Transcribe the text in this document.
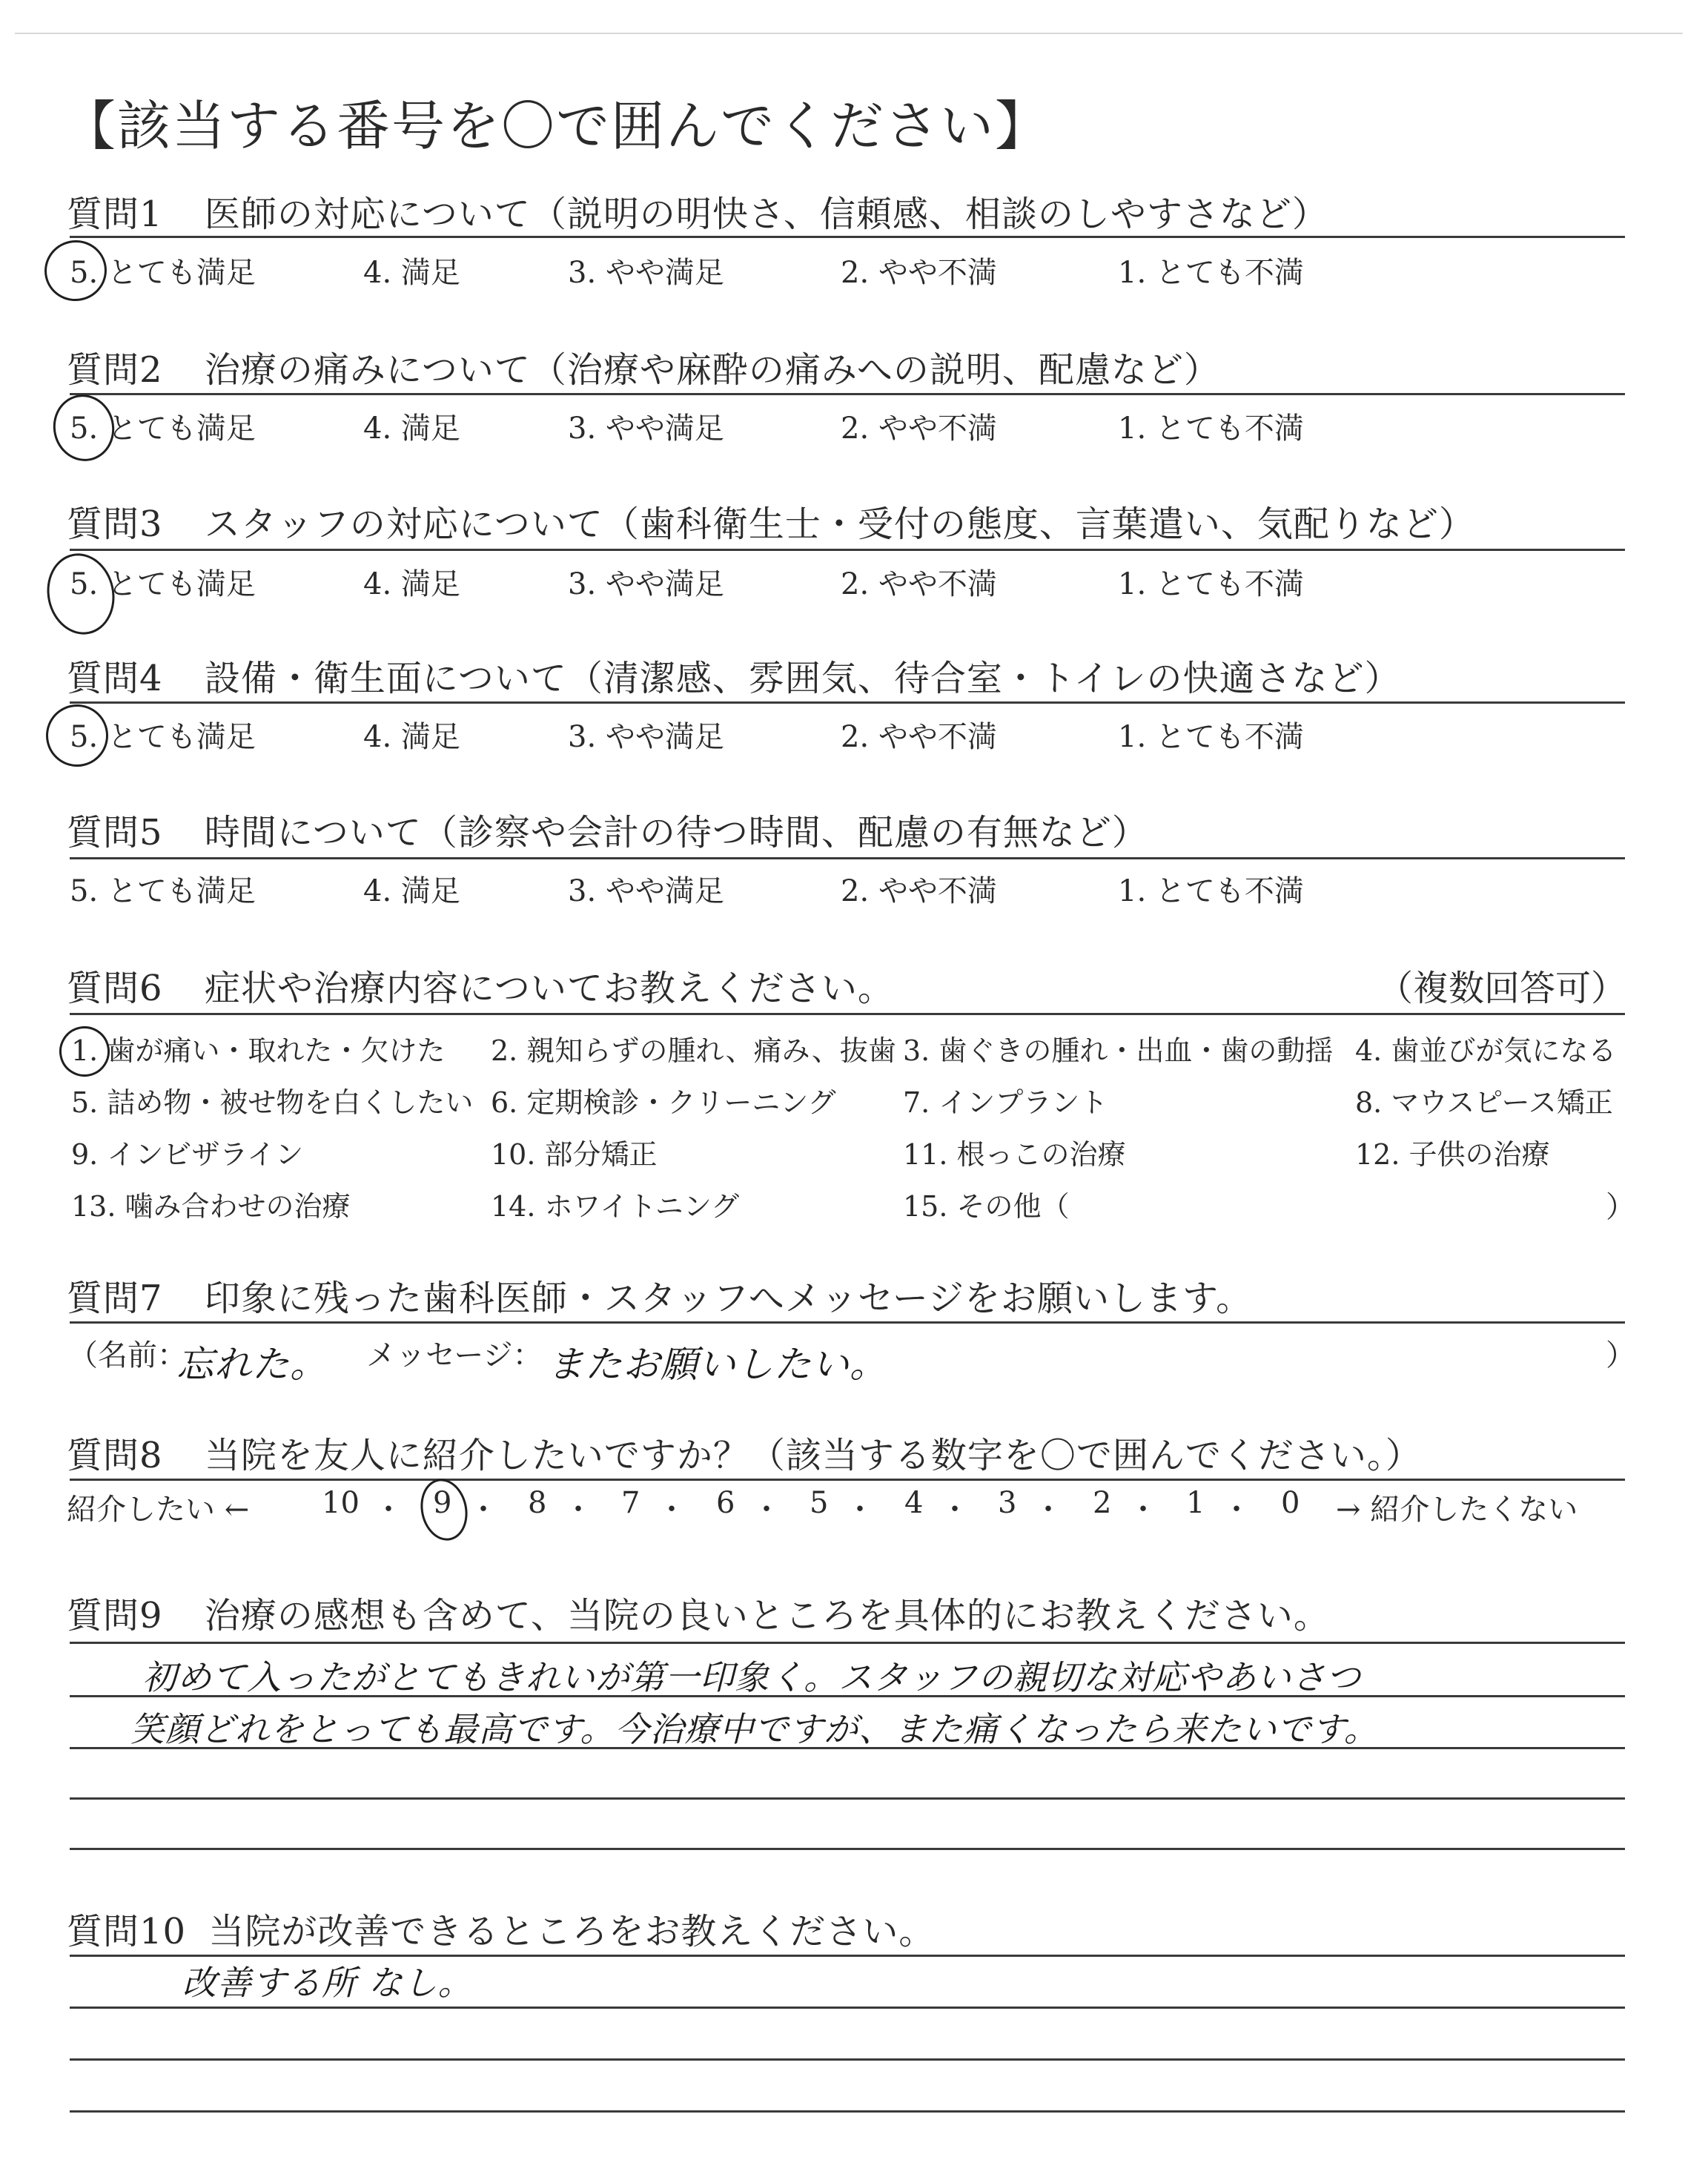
【該当する番号を〇で囲んでください】
質問1 医師の対応について（説明の明快さ、信頼感、相談のしやすさなど）
5. とても満足	4. 満足	3. やや満足	2. やや不満	1. とても不満
質問2 治療の痛みについて（治療や麻酔の痛みへの説明、配慮など）
5. とても満足	4. 満足	3. やや満足	2. やや不満	1. とても不満
質問3 スタッフの対応について（歯科衛生士・受付の態度、言葉遣い、気配りなど）
5. とても満足	4. 満足	3. やや満足	2. やや不満	1. とても不満
質問4 設備・衛生面について（清潔感、雰囲気、待合室・トイレの快適さなど）
5. とても満足	4. 満足	3. やや満足	2. やや不満	1. とても不満
質問5 時間について（診察や会計の待つ時間、配慮の有無など）
5. とても満足	4. 満足	3. やや満足	2. やや不満	1. とても不満
質問6 症状や治療内容についてお教えください。	（複数回答可）
1. 歯が痛い・取れた・欠けた 2. 親知らずの腫れ、痛み、抜歯 3. 歯ぐきの腫れ・出血・歯の動揺 4. 歯並びが気になる
5. 詰め物・被せ物を白くしたい 6. 定期検診・クリーニング 7. インプラント	8. マウスピース矯正
9. インビザライン	10. 部分矯正	11. 根っこの治療	12. 子供の治療
13. 噛み合わせの治療	14. ホワイトニング	15. その他（	）
質問7 印象に残った歯科医師・スタッフへメッセージをお願いします。
（名前：
忘れた。 メッセージ： またお願いしたい。	）
質問8 当院を友人に紹介したいですか？（該当する数字を〇で囲んでください。）
紹介したい ←	→ 紹介したくない
10 ・ 9 ・ 8 ・ 7 ・ 6 ・ 5 ・ 4 ・ 3 ・ 2 ・ 1 ・ 0
質問9 治療の感想も含めて、当院の良いところを具体的にお教えください。
初めて入ったがとてもきれいが第一印象く。スタッフの親切な対応やあいさつ
笑顔どれをとっても最高です。今治療中ですが、また痛くなったら来たいです。
質問10 当院が改善できるところをお教えください。
改善する所 なし。
